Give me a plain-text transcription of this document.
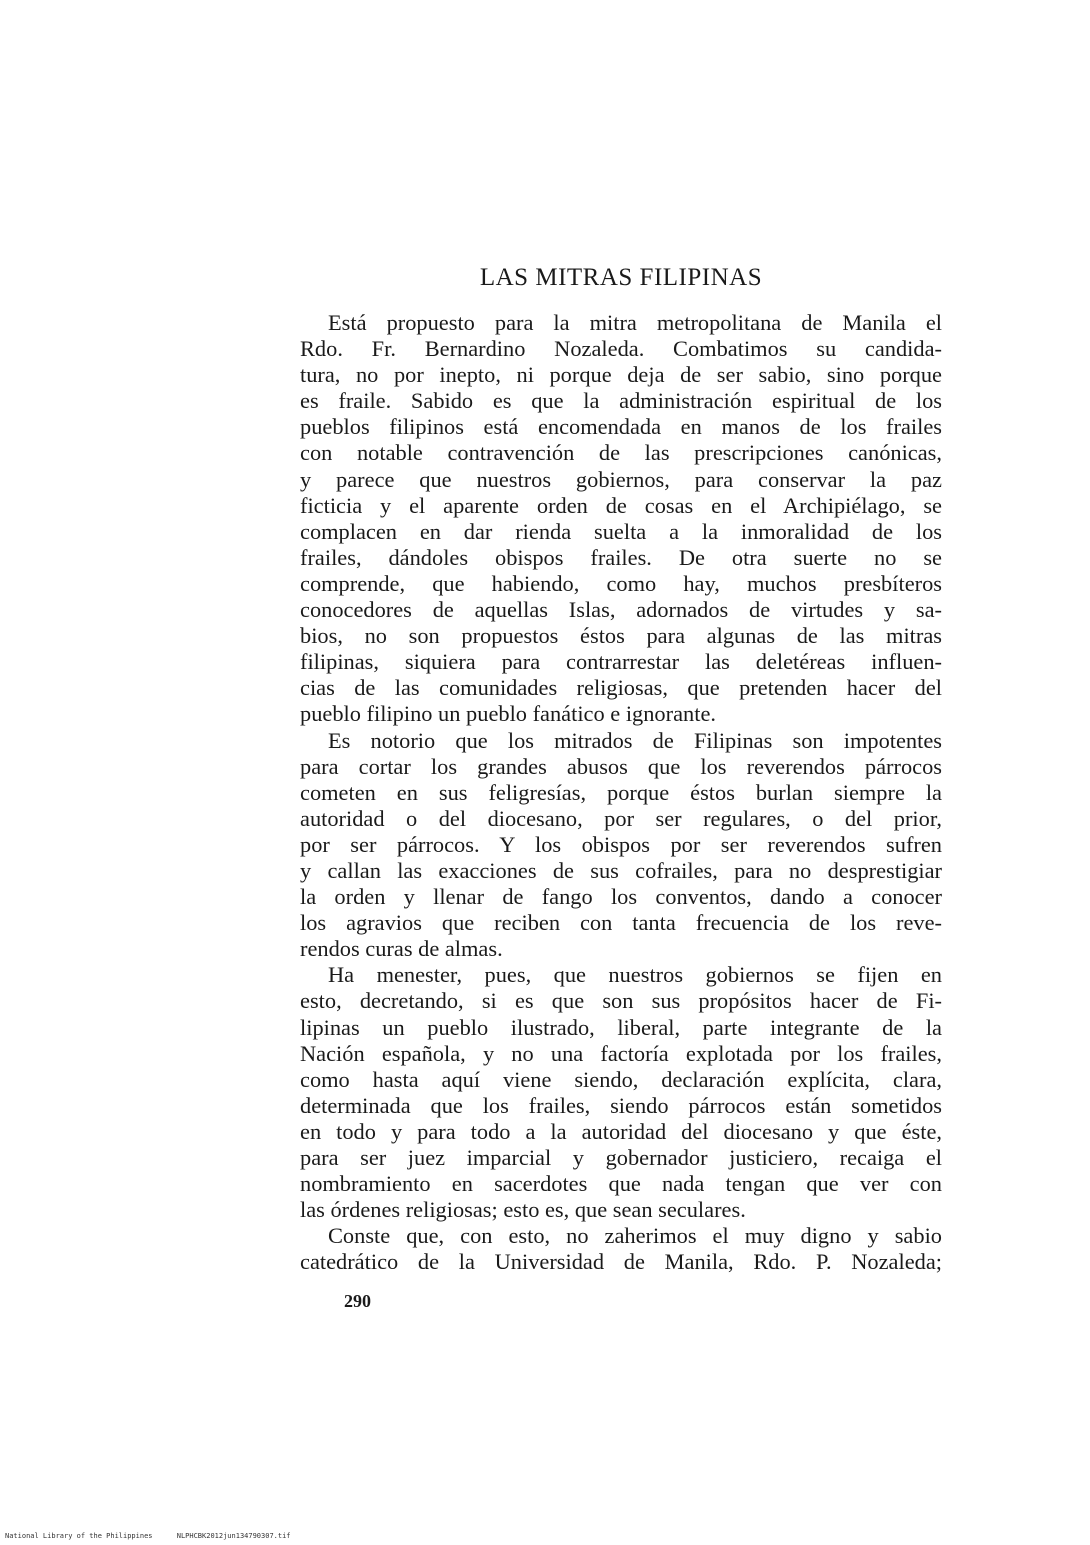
LAS MITRAS FILIPINAS
Está propuesto para la mitra metropolitana de Manila el
Rdo. Fr. Bernardino Nozaleda. Combatimos su candida-
tura, no por inepto, ni porque deja de ser sabio, sino porque
es fraile. Sabido es que la administración espiritual de los
pueblos filipinos está encomendada en manos de los frailes
con notable contravención de las prescripciones canónicas,
y parece que nuestros gobiernos, para conservar la paz
ficticia y el aparente orden de cosas en el Archipiélago, se
complacen en dar rienda suelta a la inmoralidad de los
frailes, dándoles obispos frailes. De otra suerte no se
comprende, que habiendo, como hay, muchos presbíteros
conocedores de aquellas Islas, adornados de virtudes y sa-
bios, no son propuestos éstos para algunas de las mitras
filipinas, siquiera para contrarrestar las deletéreas influen-
cias de las comunidades religiosas, que pretenden hacer del
pueblo filipino un pueblo fanático e ignorante.
Es notorio que los mitrados de Filipinas son impotentes
para cortar los grandes abusos que los reverendos párrocos
cometen en sus feligresías, porque éstos burlan siempre la
autoridad o del diocesano, por ser regulares, o del prior,
por ser párrocos. Y los obispos por ser reverendos sufren
y callan las exacciones de sus cofrailes, para no desprestigiar
la orden y llenar de fango los conventos, dando a conocer
los agravios que reciben con tanta frecuencia de los reve-
rendos curas de almas.
Ha menester, pues, que nuestros gobiernos se fijen en
esto, decretando, si es que son sus propósitos hacer de Fi-
lipinas un pueblo ilustrado, liberal, parte integrante de la
Nación española, y no una factoría explotada por los frailes,
como hasta aquí viene siendo, declaración explícita, clara,
determinada que los frailes, siendo párrocos están sometidos
en todo y para todo a la autoridad del diocesano y que éste,
para ser juez imparcial y gobernador justiciero, recaiga el
nombramiento en sacerdotes que nada tengan que ver con
las órdenes religiosas; esto es, que sean seculares.
Conste que, con esto, no zaherimos el muy digno y sabio
catedrático de la Universidad de Manila, Rdo. P. Nozaleda;
290
National Library of the Philippines	NLPHCBK2012jun134790307.tif
